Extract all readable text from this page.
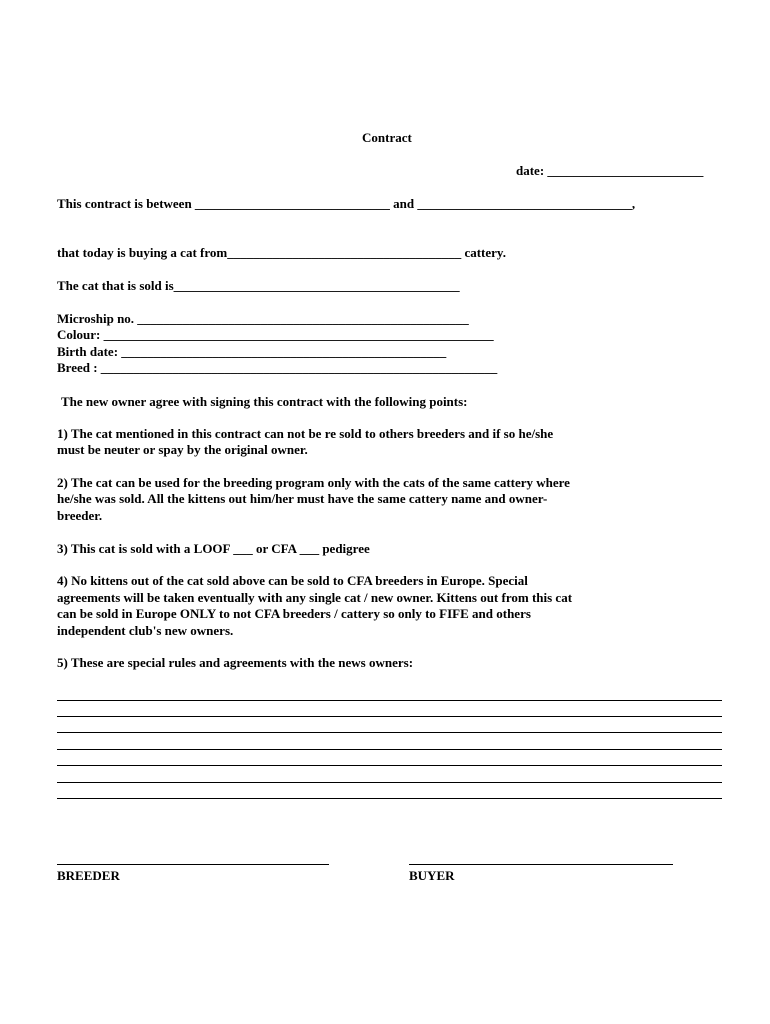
Contract
date: ________________________
This contract is between ______________________________ and _________________________________,
that today is buying a cat from____________________________________ cattery.
The cat that is sold is____________________________________________
Microship no. ___________________________________________________
Colour: ____________________________________________________________
Birth date: __________________________________________________
Breed : _____________________________________________________________
The new owner agree with signing this contract with the following points:
1) The cat mentioned in this contract can not be re sold to others breeders and if so he/she
must be neuter or spay by the original owner.
2) The cat can be used for the breeding program only with the cats of the same cattery where
he/she was sold. All the kittens out him/her must have the same cattery name and owner-
breeder.
3) This cat is sold with a LOOF ___ or CFA ___ pedigree
4) No kittens out of the cat sold above can be sold to CFA breeders in Europe. Special
agreements will be taken eventually with any single cat / new owner. Kittens out from this cat
can be sold in Europe ONLY to not CFA breeders / cattery so only to FIFE and others
independent club's new owners.
5) These are special rules and agreements with the news owners:
BREEDER	BUYER
